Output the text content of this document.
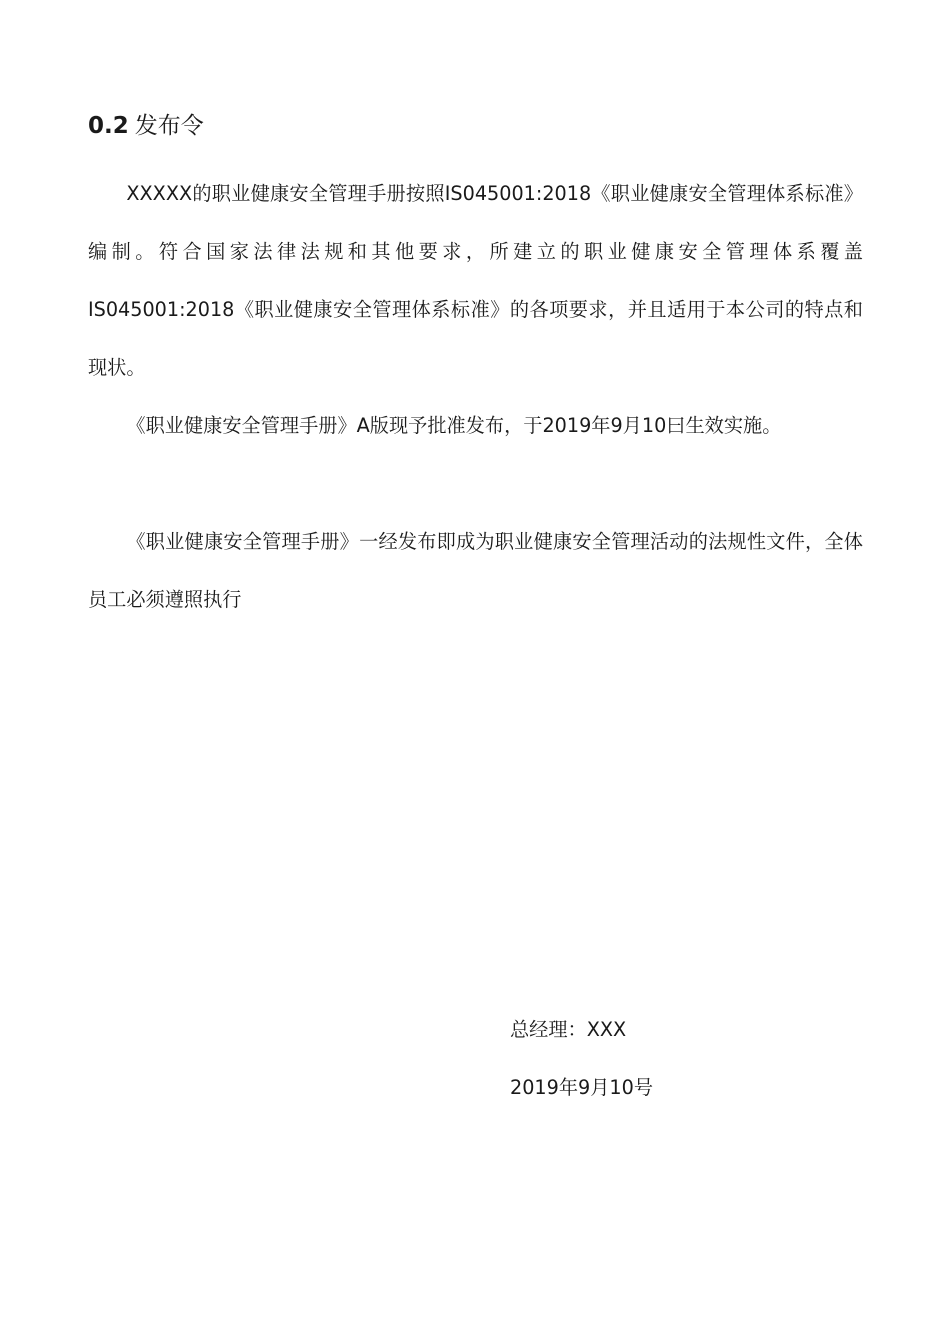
0.2 发布令

XXXXX的职业健康安全管理手册按照IS045001:2018《职业健康安全管理体系标准》编制。符合国家法律法规和其他要求，所建立的职业健康安全管理体系覆盖IS045001:2018《职业健康安全管理体系标准》的各项要求，并且适用于本公司的特点和现状。

《职业健康安全管理手册》A版现予批准发布，于2019年9月10曰生效实施。

《职业健康安全管理手册》一经发布即成为职业健康安全管理活动的法规性文件，全体员工必须遵照执行

总经理：XXX
2019年9月10号
